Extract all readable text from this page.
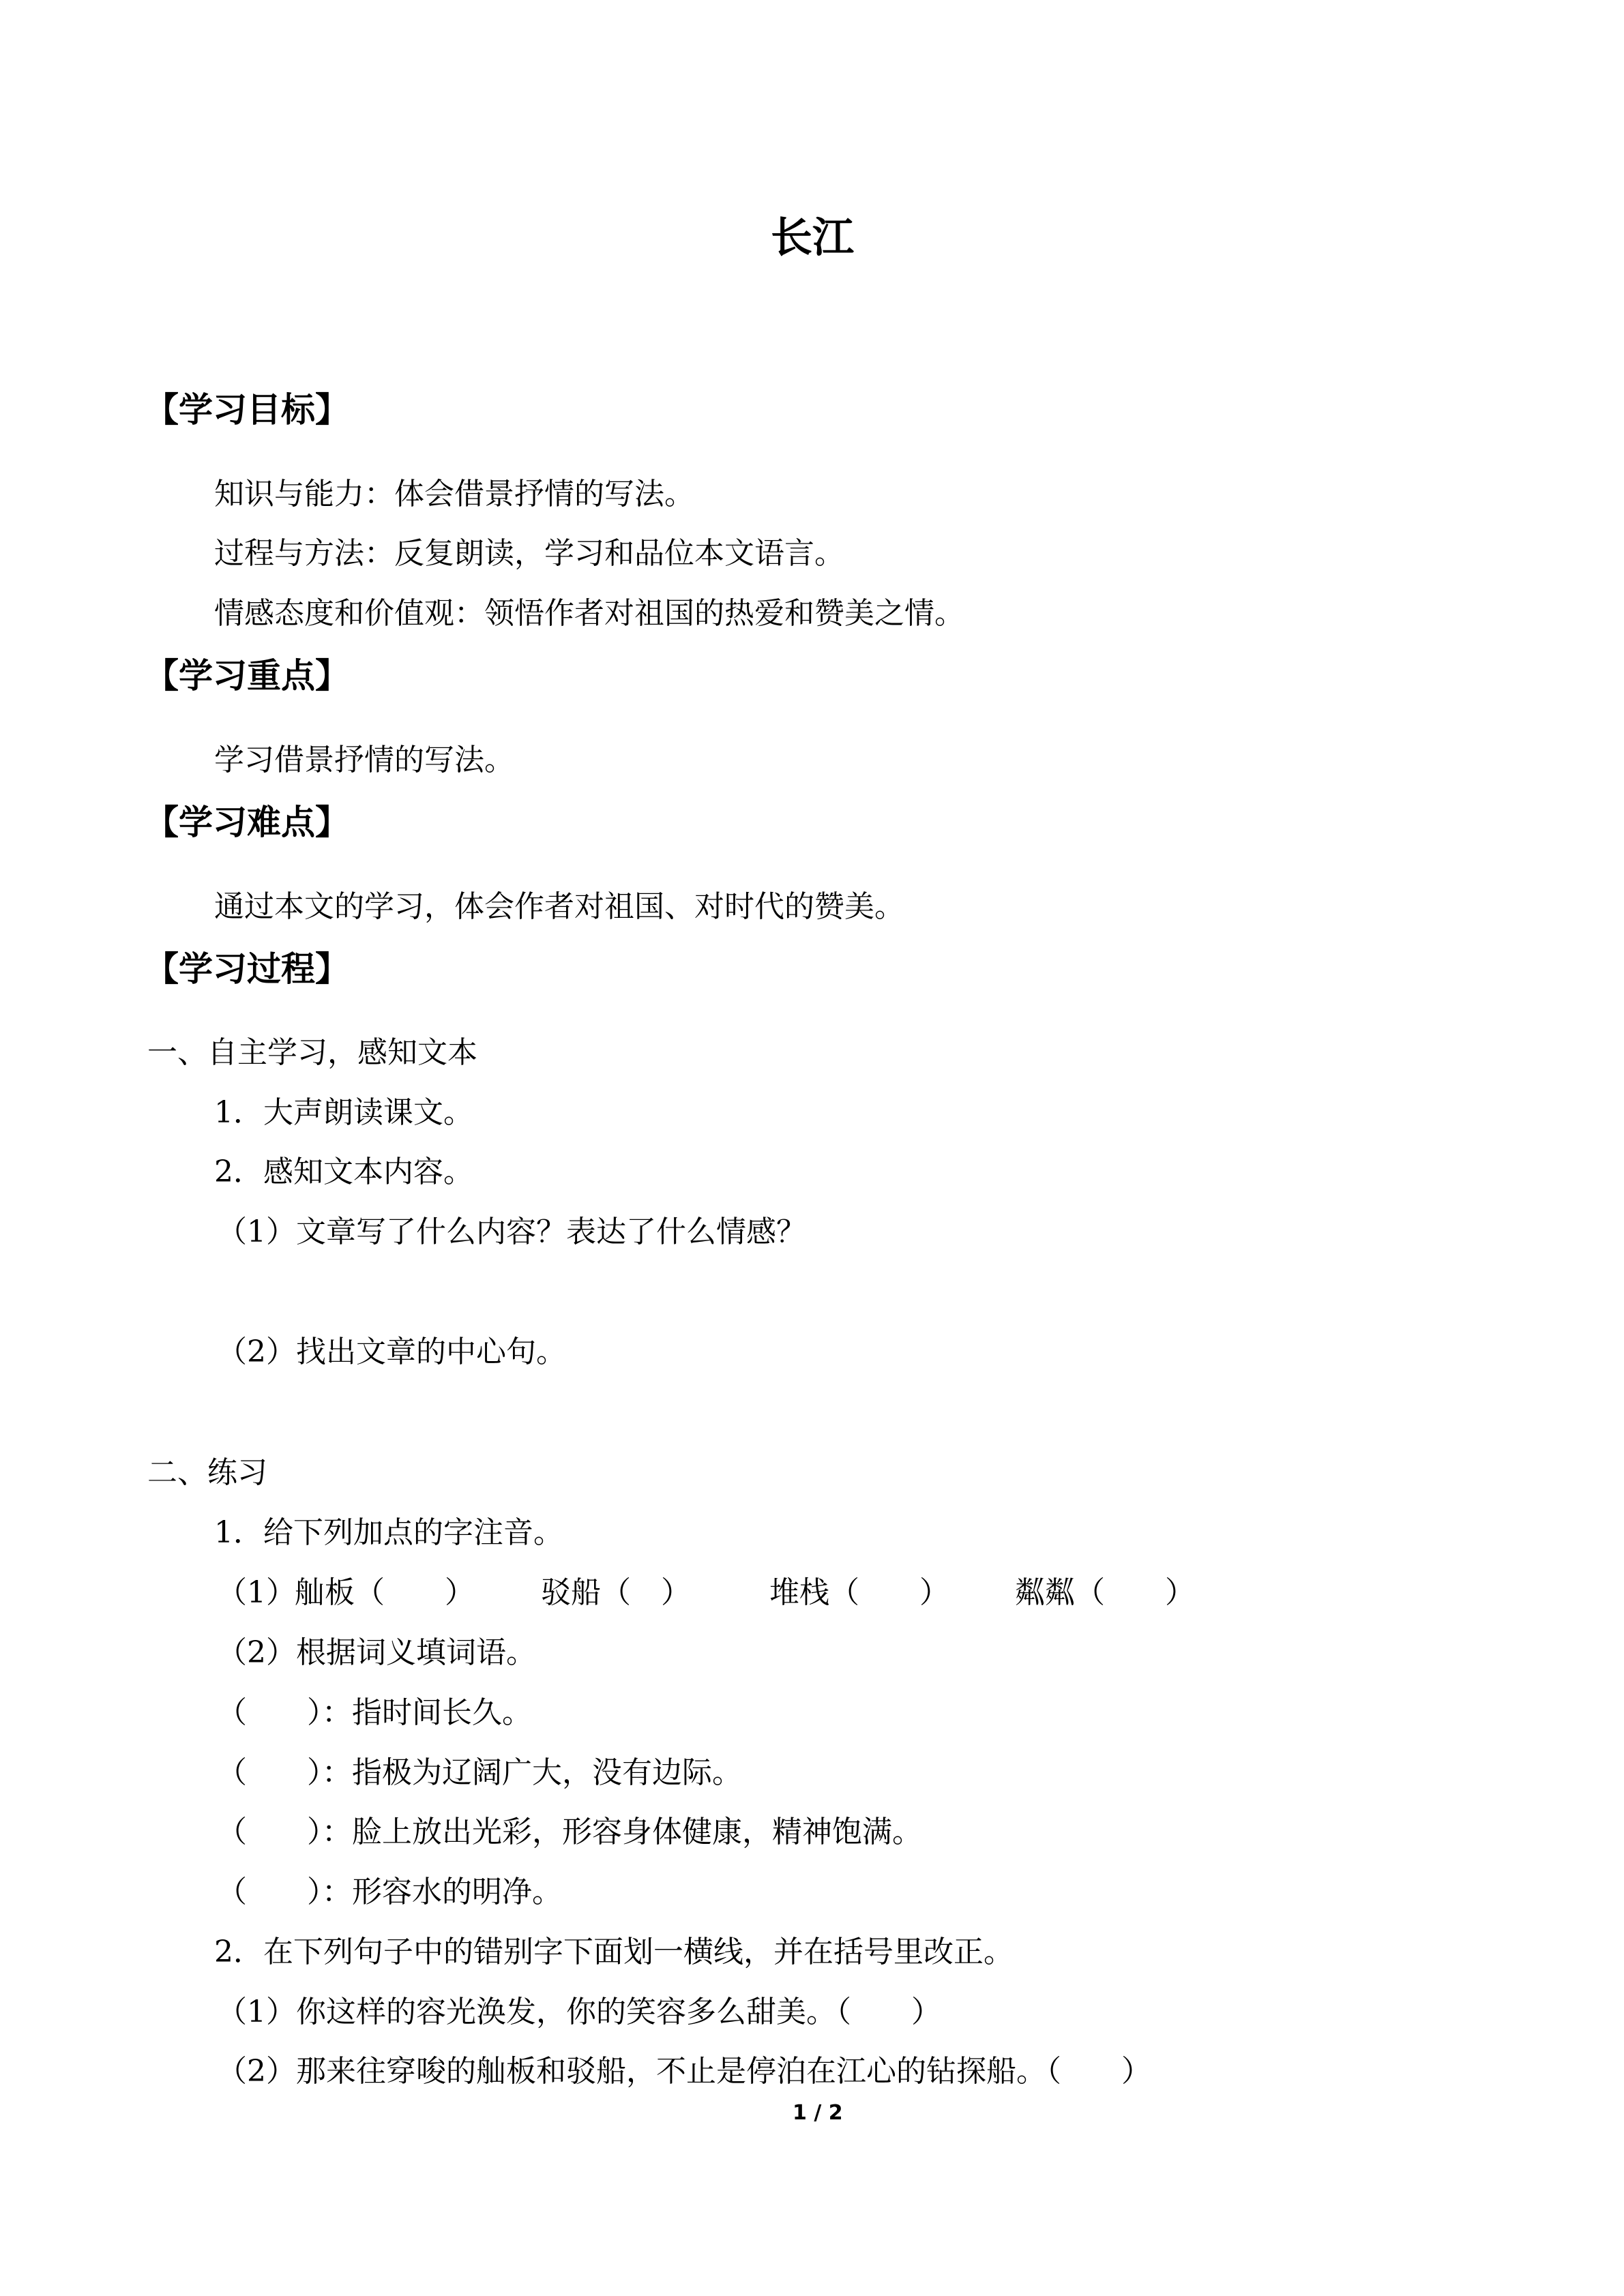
长江
【学习目标】

知识与能力：体会借景抒情的写法。

过程与方法：反复朗读，学习和品位本文语言。

情感态度和价值观：领悟作者对祖国的热爱和赞美之情。

【学习重点】

学习借景抒情的写法。

【学习难点】

通过本文的学习，体会作者对祖国、对时代的赞美。

【学习过程】

一、自主学习，感知文本

1．大声朗读课文。

2．感知文本内容。

（1）文章写了什么内容？表达了什么情感？

（2）找出文章的中心句。

二、练习

1．给下列加点的字注音。

（1）
舢板（　　） 驳船（　）	堆栈（　　） 粼粼（　　）

（2）根据词义填词语。

（　　）：指时间长久。

（　　）：指极为辽阔广大，没有边际。

（　　）：脸上放出光彩，形容身体健康，精神饱满。

（　　）：形容水的明净。

2．在下列句子中的错别字下面划一横线，并在括号里改正。

（1）你这样的容光涣发，你的笑容多么甜美。（　　）

（2）那来往穿唆的舢板和驳船，不止是停泊在江心的钻探船。（　　）

1 / 2
